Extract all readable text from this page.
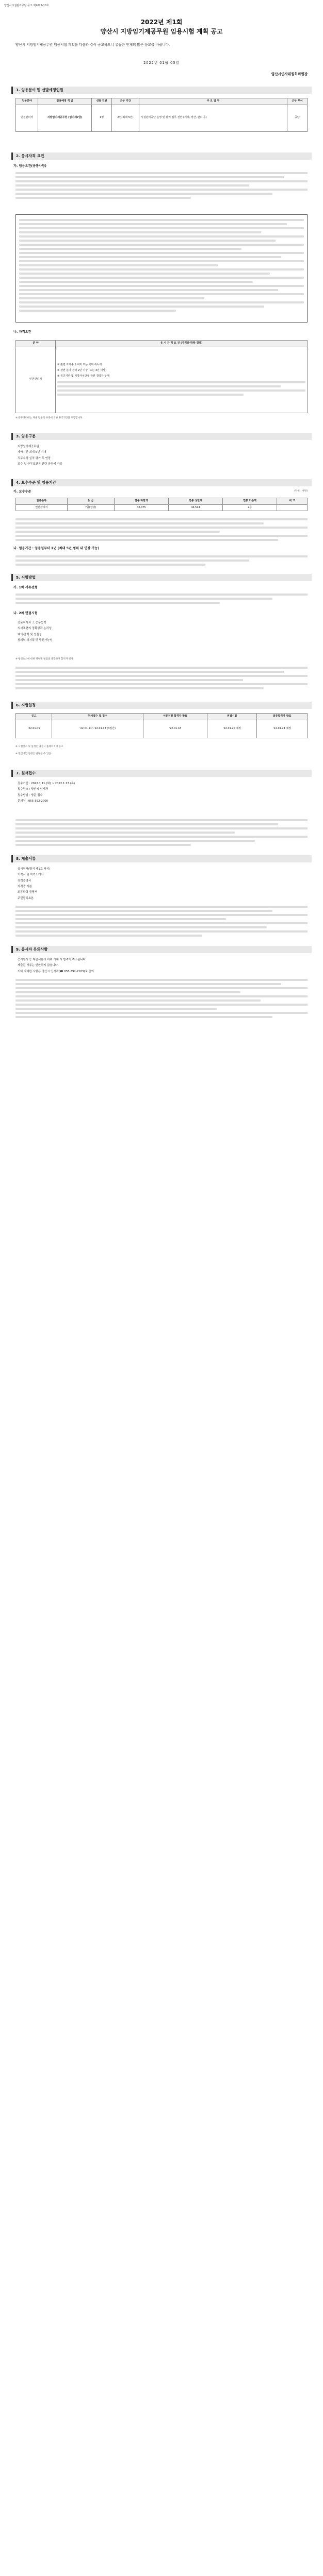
양산시시설관리공단 공고 제2022-10호
2022년 제1회
양산시 지방임기제공무원 임용시험 계획 공고
양산시 지방임기제공무원 임용시험 계획을 다음과 같이 공고하오니 유능한 인재의 많은 응모를 바랍니다.
2022년 01월 05일
양산시인사위원회위원장
1. 임용분야 및 선발예정인원
임용분야	임용예정 직 급	선발 인원	근무 기간	주 요 업 무	근무 부서
인천관리처	지방임기제공무원 (임기제7급)	1명	2년(최대 5년)	시설관리공단 운영 및 관리 업무 전반 (계약, 정산, 관리 등)	공단
2. 응시자격 요건
가. 임용요건(공통사항)
나. 자격요건
분 야	응 시 자 격 요 건 (자격증·학력·경력)
인천관리처	① 관련 자격증 소지자 또는 학위 취득자
② 관련 분야 경력 2년 이상 (또는 3년 이상)
③ 공공기관 및 지방자치단체 관련 경력자 우대
※ 근무경력에는 다른 법률의 규정에 의한 휴직기간을 포함합니다.
3. 임용구분
지방임기제공무원
계약기간 최대 5년 이내
직무수행 실적 평가 후 연장
보수 및 근무조건은 관련 규정에 따름
4. 보수수준 및 임용기간
가. 보수수준	(단위 : 천원)
임용분야	등 급	연봉 하한액	연봉 상한액	연봉 기준액	비 고
인천관리처	7급(상당)	42,475	44,514	2등	
나. 임용기간 : 임용일부터 2년 (최대 5년 범위 내 연장 가능)
5. 시험방법
가. 1차 서류전형
나. 2차 면접시험
전문지식과 그 응용능력
의사표현의 정확성과 논리성
예의·품행 및 성실성
창의력·의지력 및 발전가능성
※ 평정요소에 대한 위원별 평점을 종합하여 합격자 결정
6. 시험일정
공고	원서접수 및 접수	서류전형 합격자 발표	면접시험	최종합격자 발표
'22.01.05	'22.01.11~'22.01.13 (3일간)	'22.01.18	'22.01.20 예정	'22.01.24 예정
※ 시험장소 및 일정은 양산시 홈페이지에 공고
※ 면접시험 일정은 변경될 수 있음
7. 원서접수
접수기간 : 2022.1.11.(화) ~ 2022.1.13.(목)
접수장소 : 양산시 인사과
접수방법 : 방문 접수
문의처 : 055-392-2000
8. 제출서류
응시원서(별지 제1호 서식)
이력서 및 자기소개서
경력증명서
자격증 사본
최종학력 증명서
주민등록초본
9. 응시자 유의사항
응시원서 등 제출서류의 허위 기재 시 합격이 취소됩니다.
제출된 서류는 반환하지 않습니다.
기타 자세한 사항은 양산시 인사과(☎ 055-392-2103)로 문의
